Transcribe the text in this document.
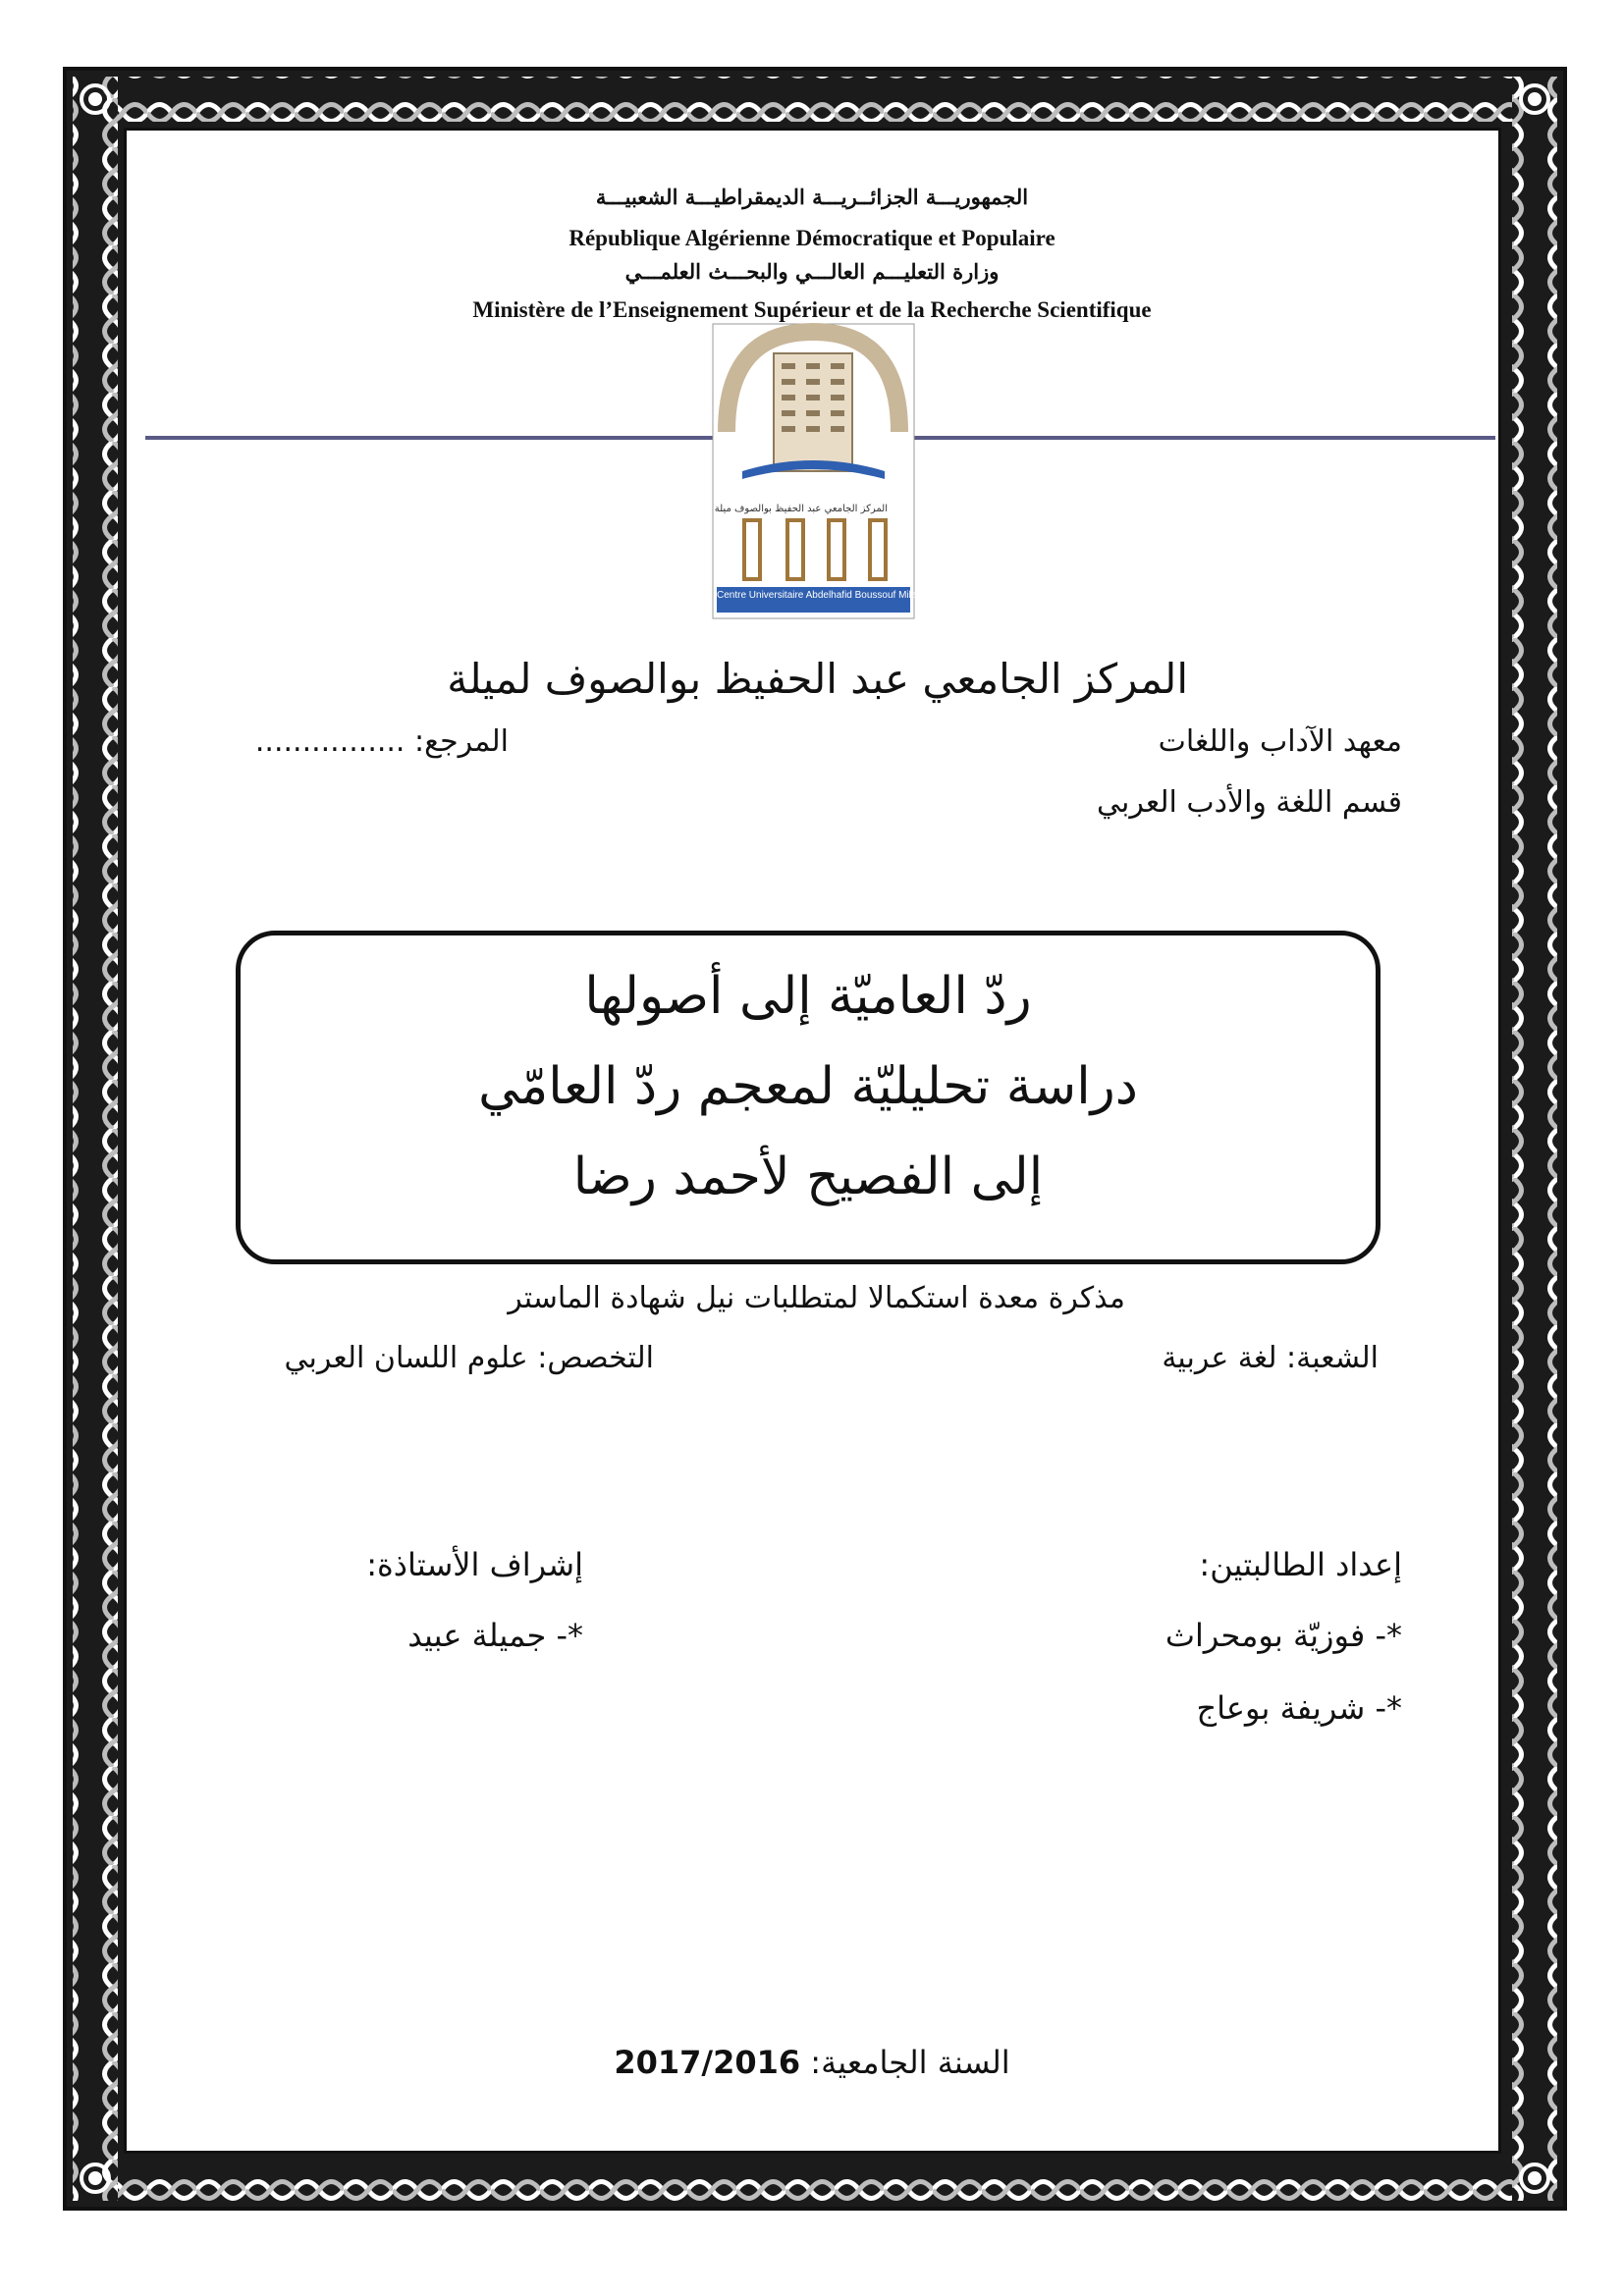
الجمهوريـــة الجزائــريـــة الديمقراطيـــة الشعبيـــة
République Algérienne Démocratique et Populaire
وزارة التعليـــم العالـــي والبحـــث العلمـــي
Ministère de l’Enseignement Supérieur et de la Recherche Scientifique
المركز الجامعي عبد الحفيظ بوالصوف ميلة
Centre Universitaire Abdelhafid Boussouf Mila
المركز الجامعي عبد الحفيظ بوالصوف لميلة
معهد الآداب واللغات
المرجع: ................
قسم اللغة والأدب العربي
ردّ العاميّة إلى أصولها
دراسة تحليليّة لمعجم ردّ العامّي
إلى الفصيح لأحمد رضا
مذكرة معدة استكمالا لمتطلبات نيل شهادة الماستر
الشعبة: لغة عربية
التخصص: علوم اللسان العربي
إعداد الطالبتين:
*- فوزيّة بومحراث
*- شريفة بوعاج
إشراف الأستاذة:
*- جميلة عبيد
السنة الجامعية: 2017/2016
